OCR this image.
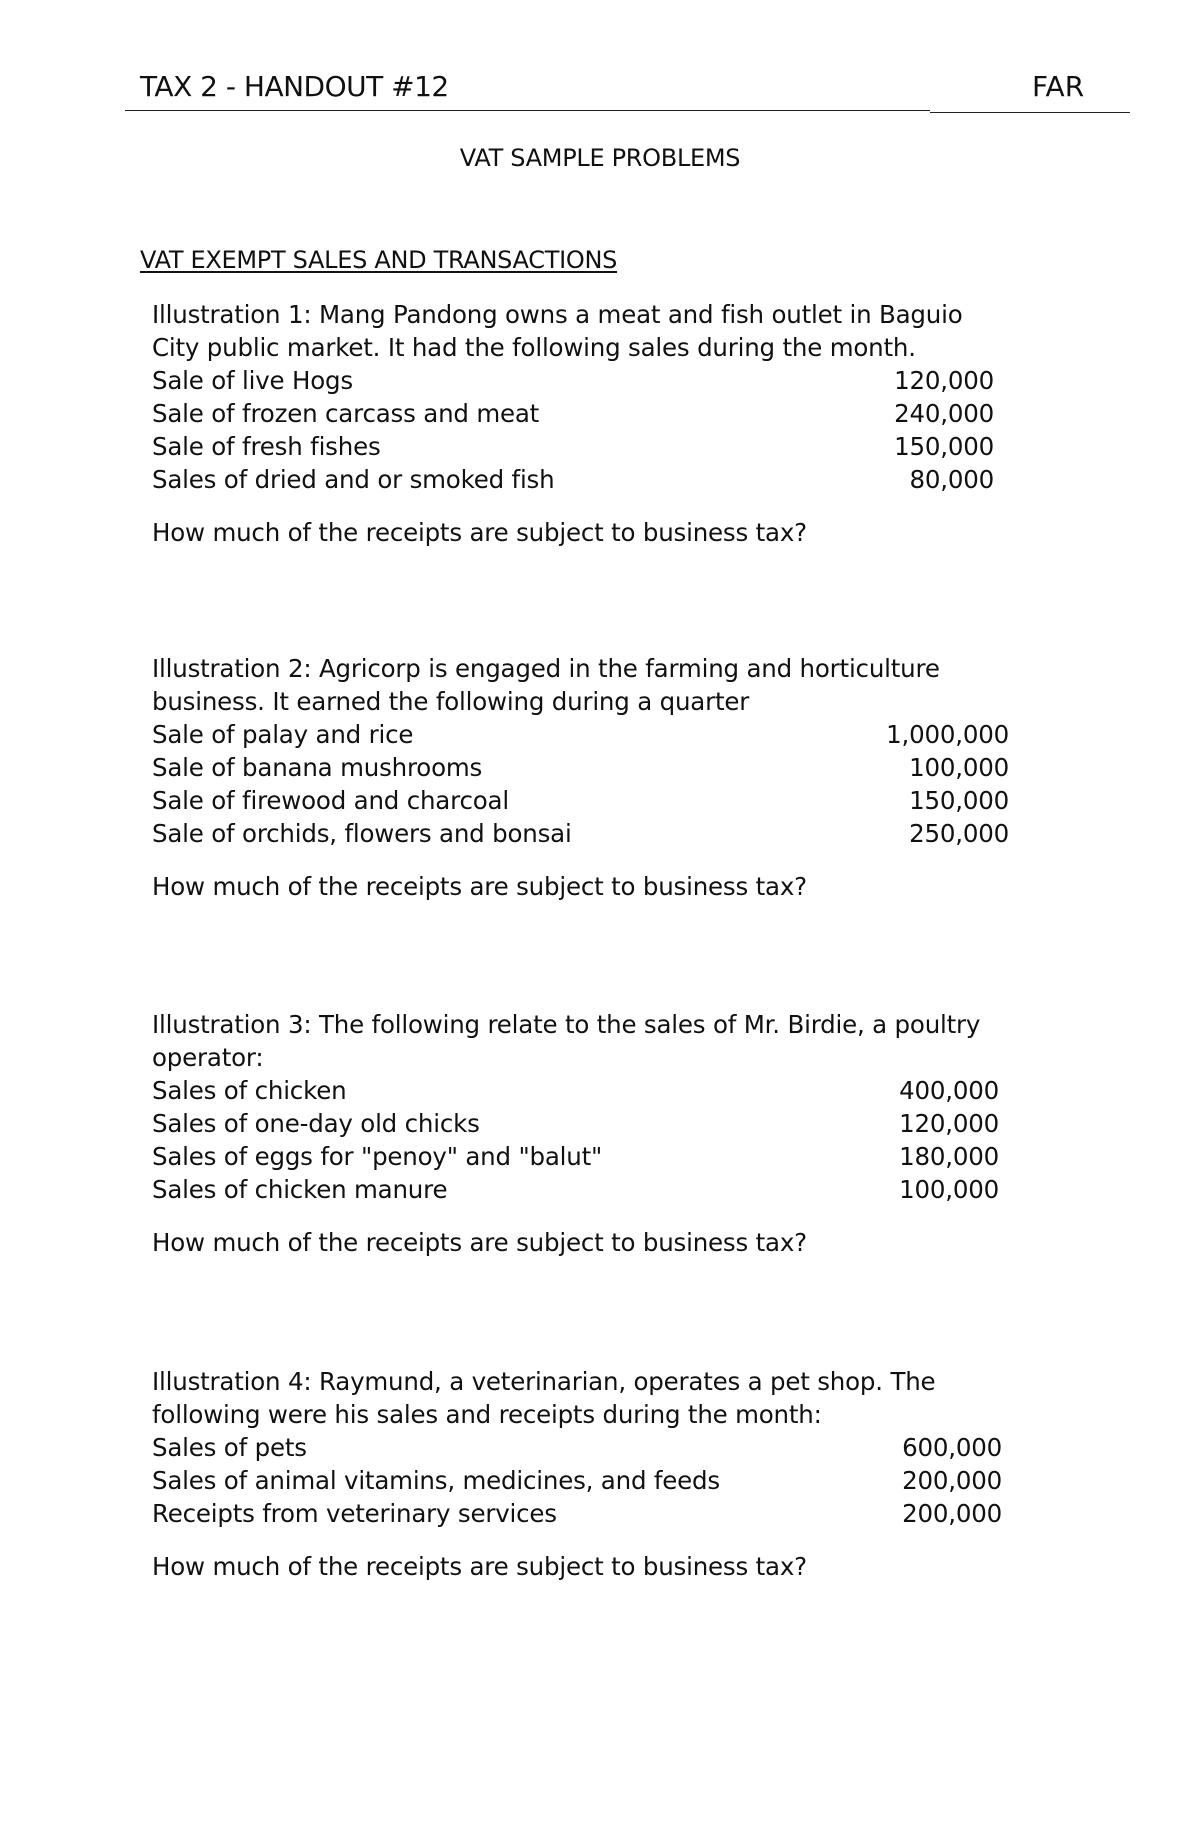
TAX 2 - HANDOUT #12	FAR
VAT SAMPLE PROBLEMS
VAT EXEMPT SALES AND TRANSACTIONS

Illustration 1: Mang Pandong owns a meat and fish outlet in Baguio City public market. It had the following sales during the month.

Sale of live Hogs	120,000
Sale of frozen carcass and meat	240,000
Sale of fresh fishes	150,000
Sales of dried and or smoked fish	80,000
How much of the receipts are subject to business tax?

Illustration 2: Agricorp is engaged in the farming and horticulture business. It earned the following during a quarter

Sale of palay and rice	1,000,000
Sale of banana mushrooms	100,000
Sale of firewood and charcoal	150,000
Sale of orchids, flowers and bonsai	250,000
How much of the receipts are subject to business tax?

Illustration 3: The following relate to the sales of Mr. Birdie, a poultry operator:

Sales of chicken	400,000
Sales of one-day old chicks	120,000
Sales of eggs for "penoy" and "balut"	180,000
Sales of chicken manure	100,000
How much of the receipts are subject to business tax?

Illustration 4: Raymund, a veterinarian, operates a pet shop. The following were his sales and receipts during the month:

Sales of pets	600,000
Sales of animal vitamins, medicines, and feeds	200,000
Receipts from veterinary services	200,000
How much of the receipts are subject to business tax?
